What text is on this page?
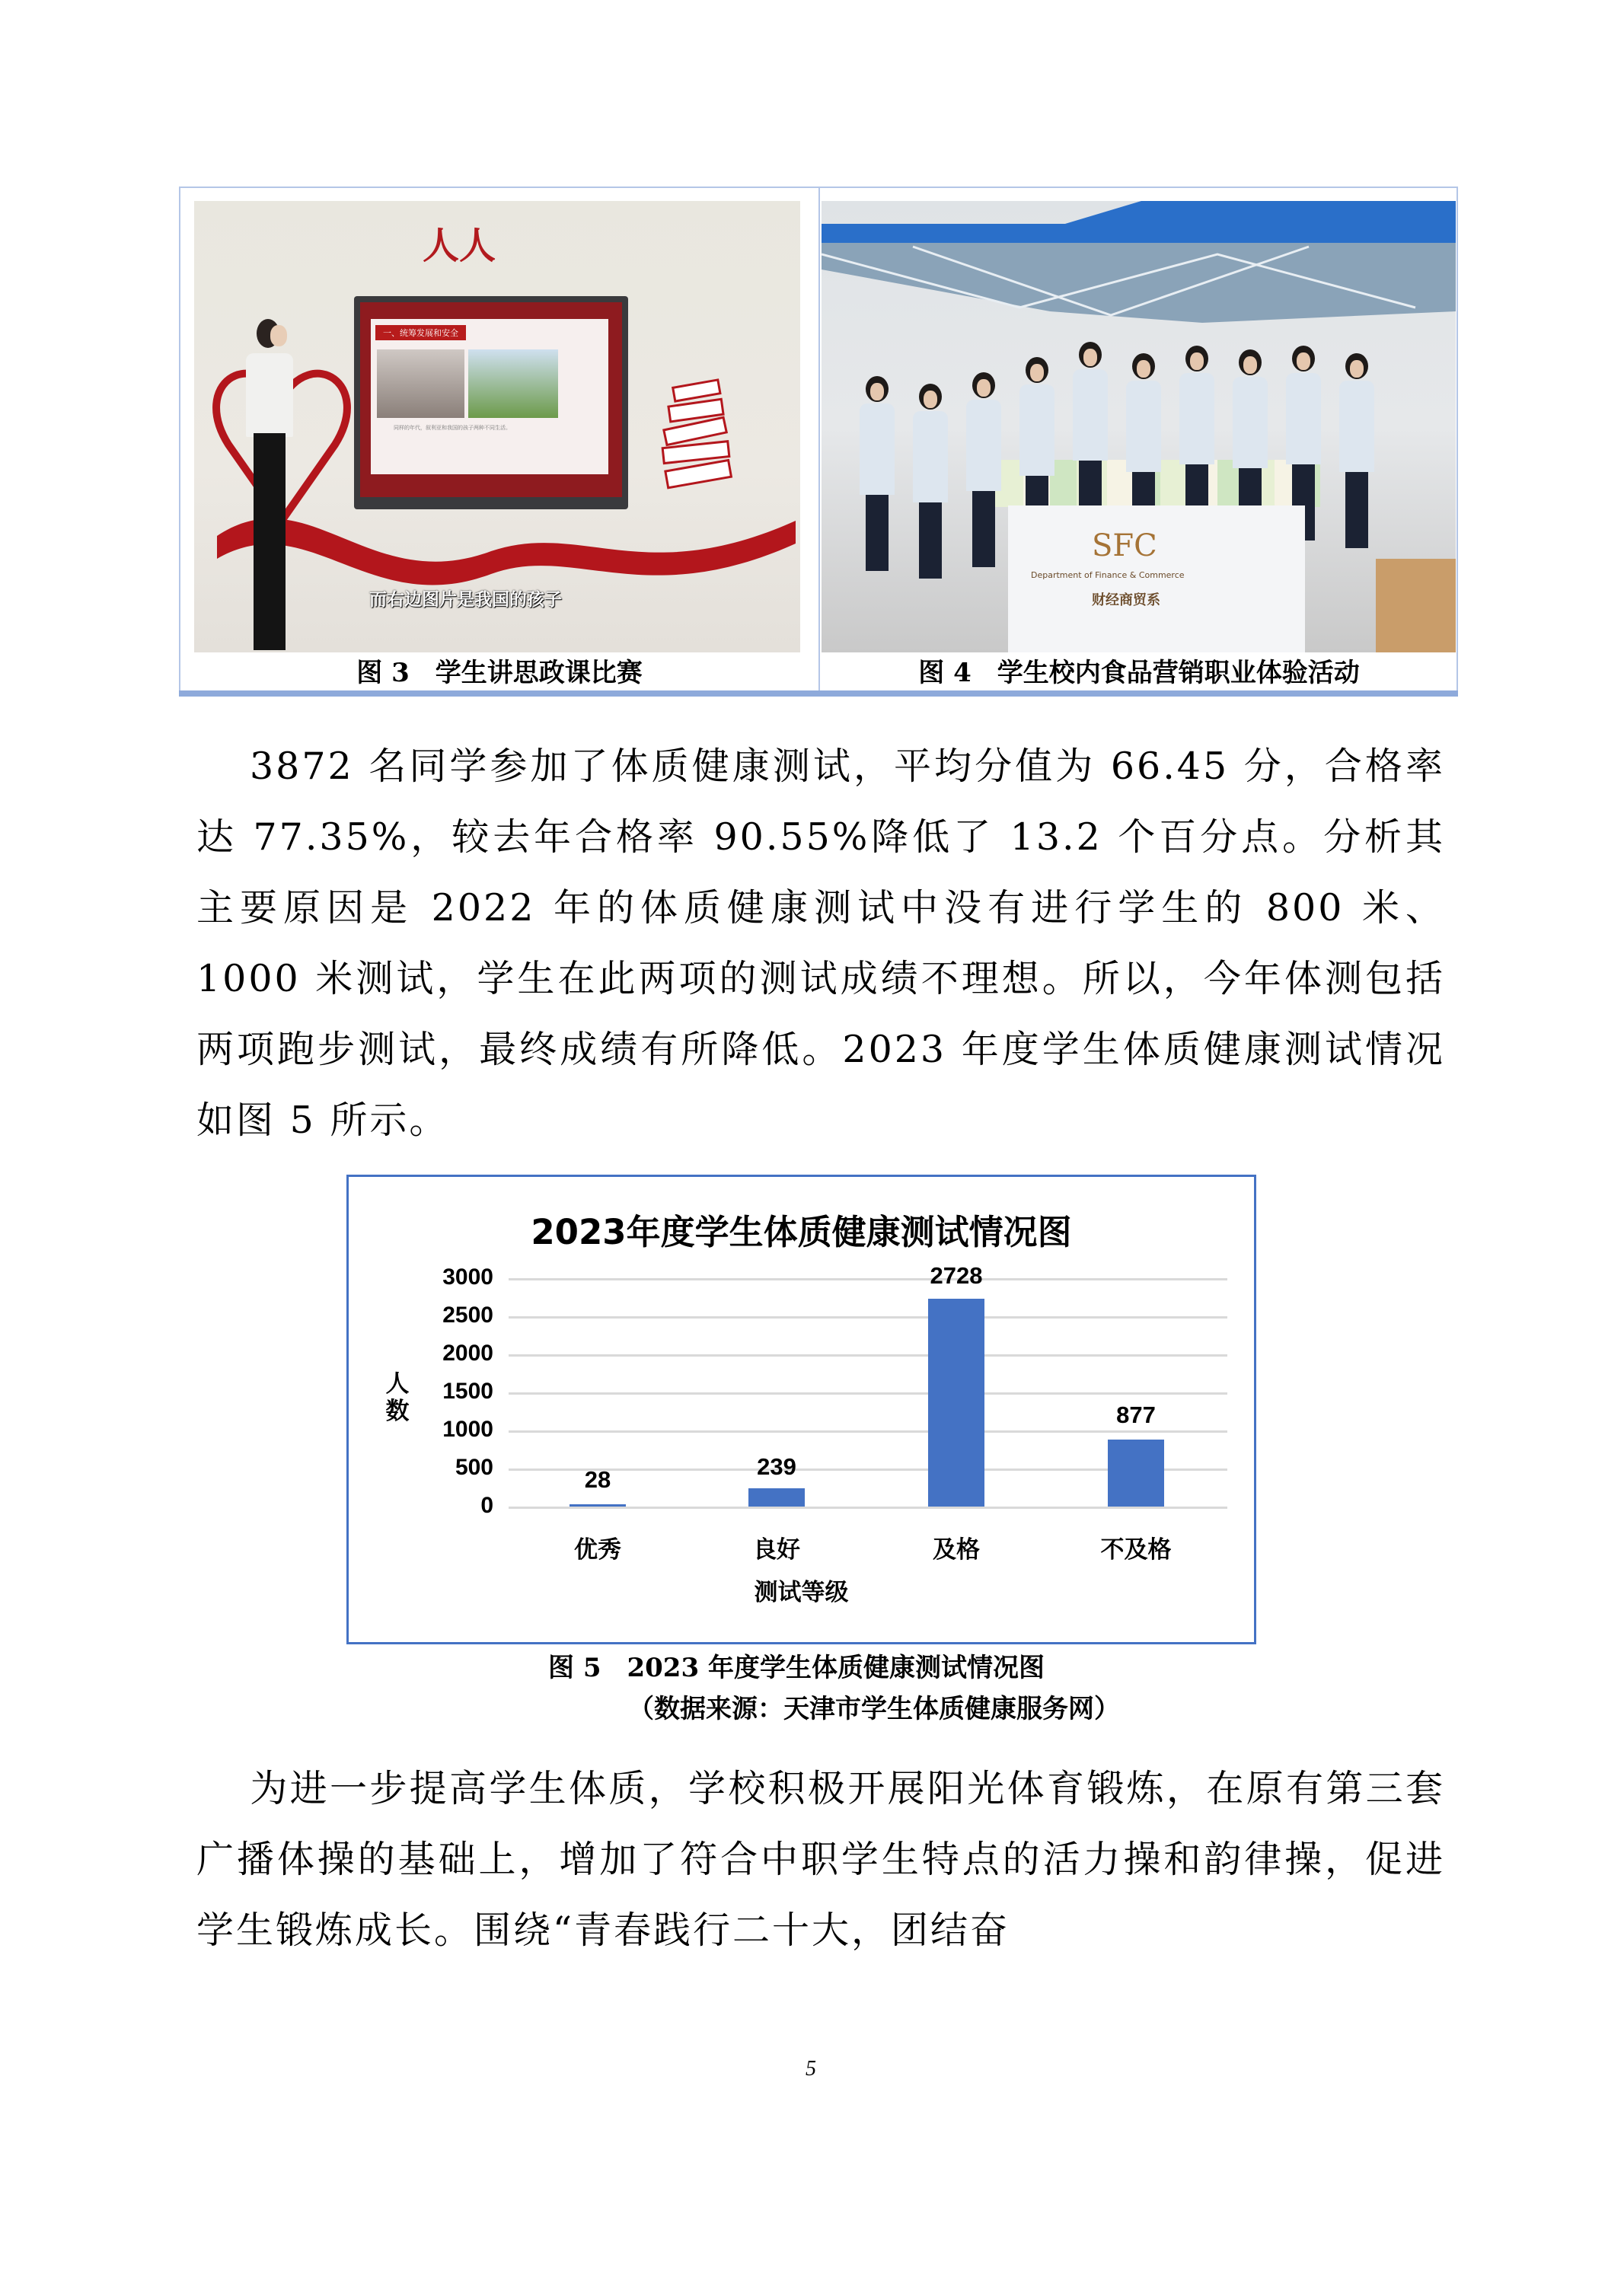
人人
一、统筹发展和安全
同样的年代，叙利亚和我国的孩子两种不同生活。
而右边图片是我国的孩子
SFC
Department of Finance & Commerce
财经商贸系
图 3　学生讲思政课比赛	图 4　学生校内食品营销职业体验活动
3872 名同学参加了体质健康测试，平均分值为 66.45 分，合格率达 77.35%，较去年合格率 90.55%降低了 13.2 个百分点。分析其主要原因是 2022 年的体质健康测试中没有进行学生的 800 米、1000 米测试，学生在此两项的测试成绩不理想。所以，今年体测包括两项跑步测试，最终成绩有所降低。2023 年度学生体质健康测试情况如图 5 所示。
2023年度学生体质健康测试情况图
人数
3000
2500
2000
1500
1000
500
0
28	239
2728
877
优秀	良好	及格	不及格
测试等级
图 5　2023 年度学生体质健康测试情况图
（数据来源：天津市学生体质健康服务网）
为进一步提高学生体质，学校积极开展阳光体育锻炼，在原有第三套广播体操的基础上，增加了符合中职学生特点的活力操和韵律操，促进学生锻炼成长。围绕“青春践行二十大，团结奋
5
